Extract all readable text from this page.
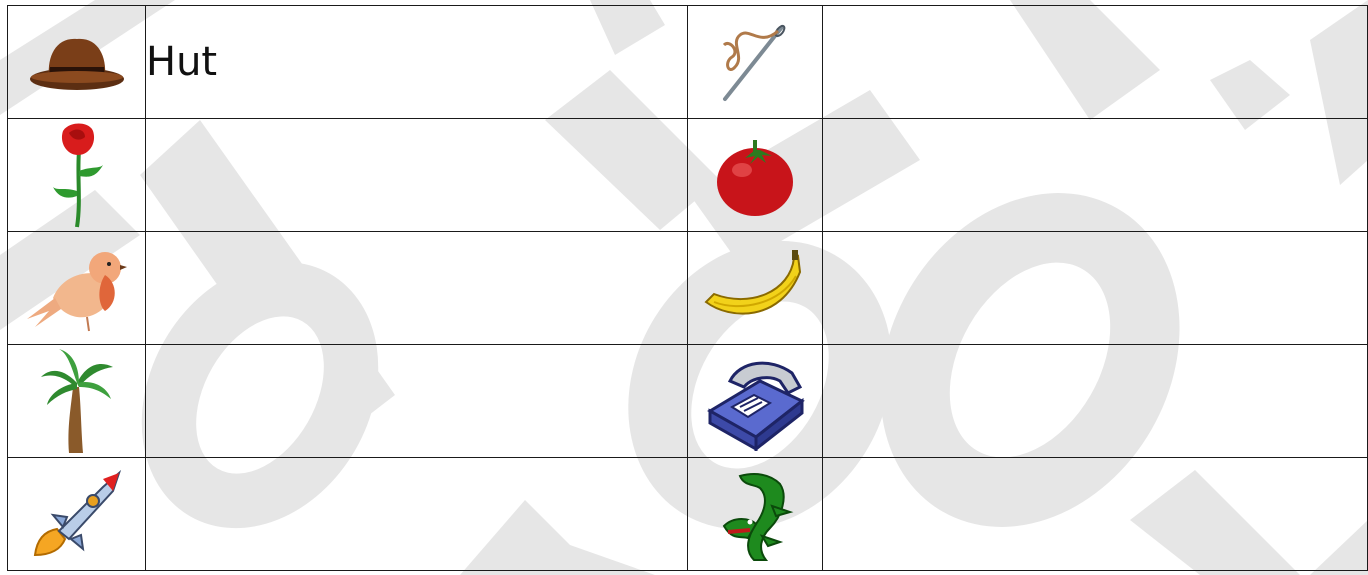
	Hut	
